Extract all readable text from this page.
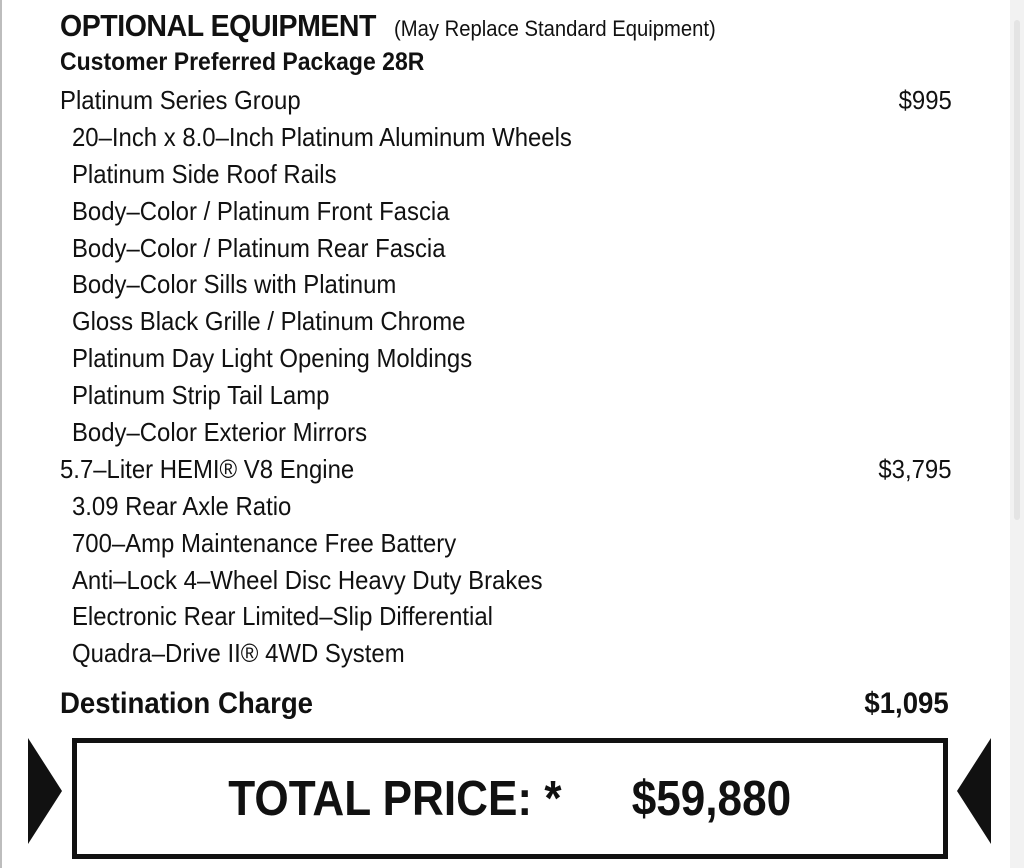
OPTIONAL EQUIPMENT (May Replace Standard Equipment)
Customer Preferred Package 28R
Platinum Series Group	$995
20–Inch x 8.0–Inch Platinum Aluminum Wheels
Platinum Side Roof Rails
Body–Color / Platinum Front Fascia
Body–Color / Platinum Rear Fascia
Body–Color Sills with Platinum
Gloss Black Grille / Platinum Chrome
Platinum Day Light Opening Moldings
Platinum Strip Tail Lamp
Body–Color Exterior Mirrors
5.7–Liter HEMI® V8 Engine	$3,795
3.09 Rear Axle Ratio
700–Amp Maintenance Free Battery
Anti–Lock 4–Wheel Disc Heavy Duty Brakes
Electronic Rear Limited–Slip Differential
Quadra–Drive II® 4WD System
Destination Charge	$1,095
TOTAL PRICE: * $59,880
